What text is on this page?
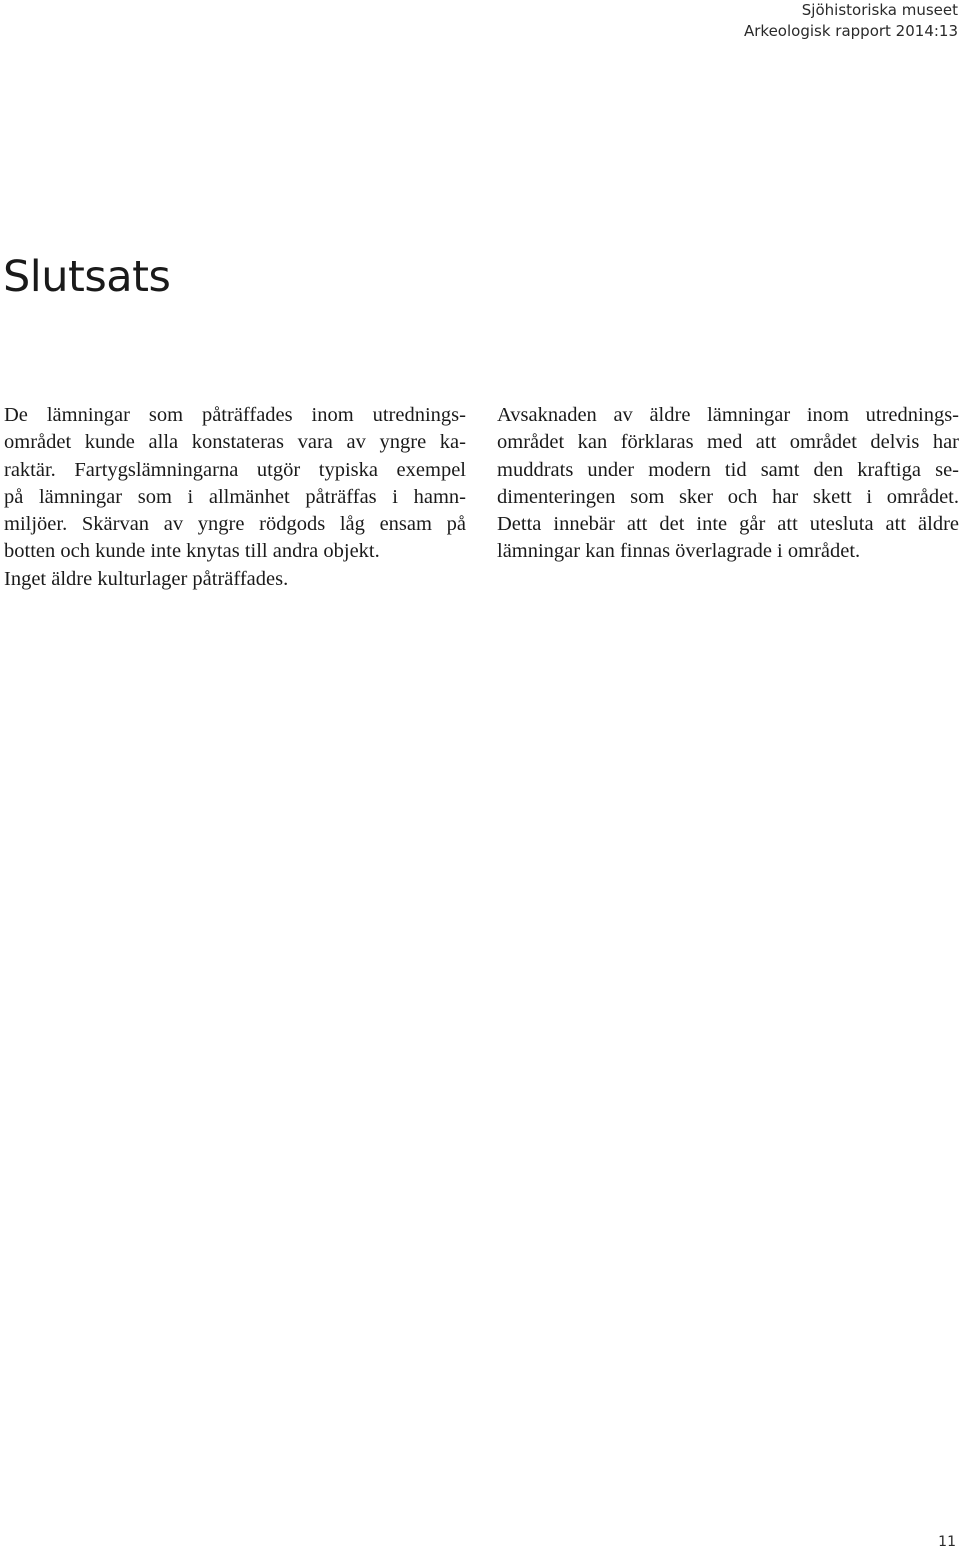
Sjöhistoriska museet
Arkeologisk rapport 2014:13
Slutsats
De lämningar som påträffades inom utrednings-
området kunde alla konstateras vara av yngre ka-
raktär. Fartygslämningarna utgör typiska exempel
på lämningar som i allmänhet påträffas i hamn-
miljöer. Skärvan av yngre rödgods låg ensam på
botten och kunde inte knytas till andra objekt.
Inget äldre kulturlager påträffades.
Avsaknaden av äldre lämningar inom utrednings-
området kan förklaras med att området delvis har
muddrats under modern tid samt den kraftiga se-
dimenteringen som sker och har skett i området.
Detta innebär att det inte går att utesluta att äldre
lämningar kan finnas överlagrade i området.
11
